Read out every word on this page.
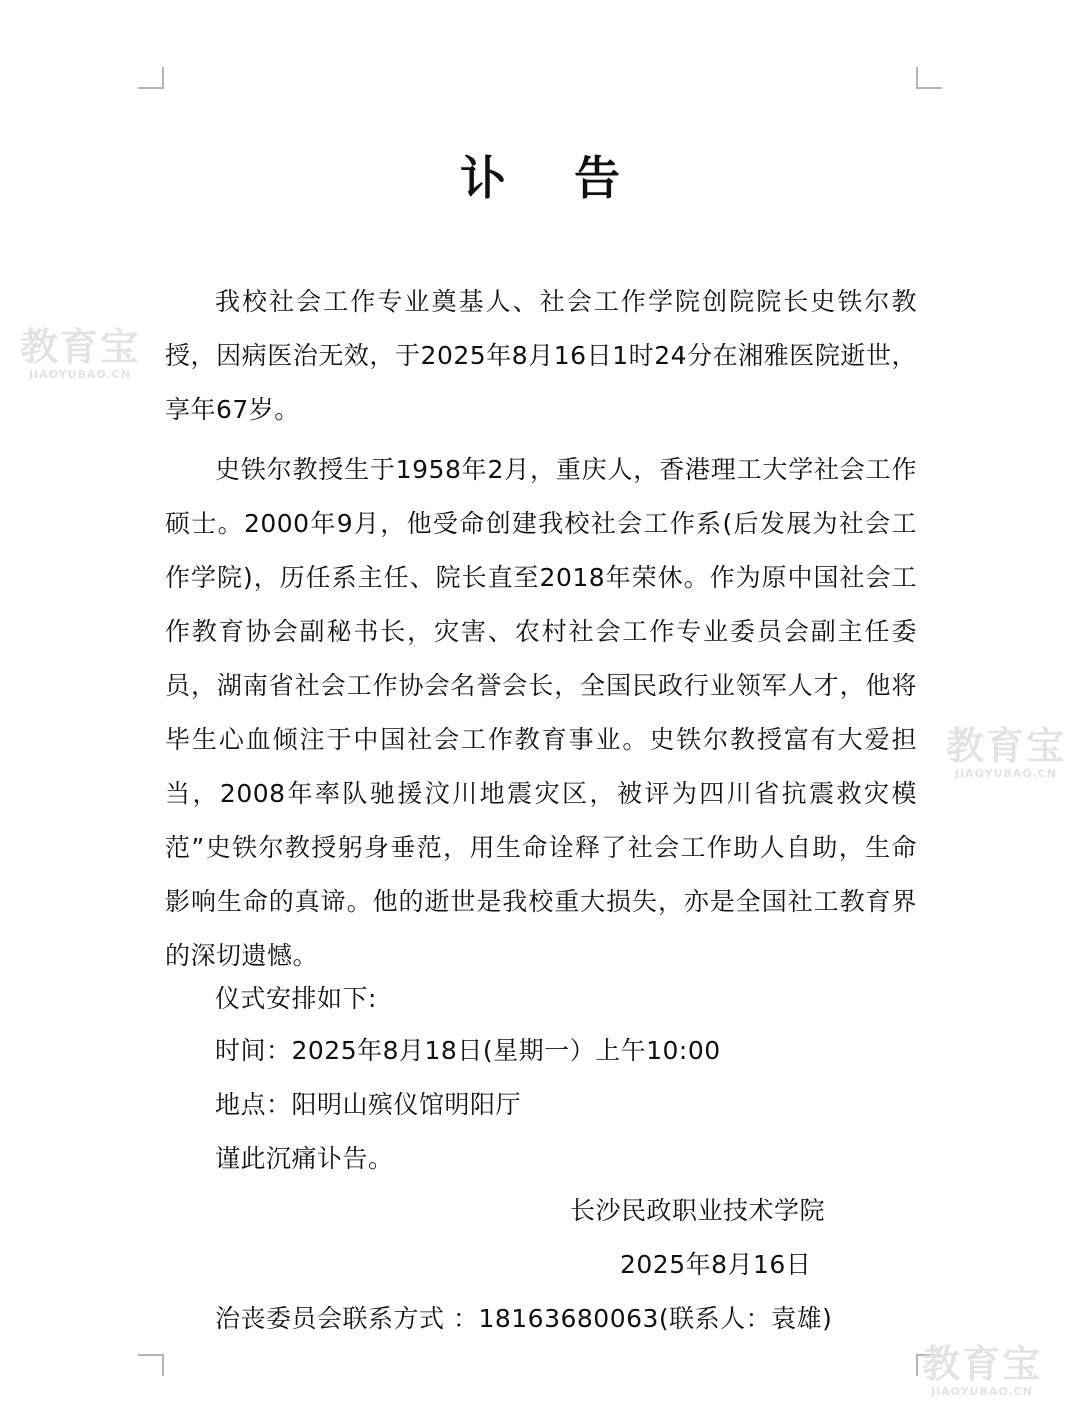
教育宝
JIAOYUBAO.CN
教育宝
JIAOYUBAO.CN
教育宝
JIAOYUBAO.CN
讣 告

我校社会工作专业奠基人、社会工作学院创院院长史铁尔教授，因病医治无效，于2025年8月16日1时24分在湘雅医院逝世，享年67岁。

史铁尔教授生于1958年2月，重庆人，香港理工大学社会工作硕士。2000年9月，他受命创建我校社会工作系(后发展为社会工作学院)，历任系主任、院长直至2018年荣休。作为原中国社会工作教育协会副秘书长，灾害、农村社会工作专业委员会副主任委员，湖南省社会工作协会名誉会长，全国民政行业领军人才，他将毕生心血倾注于中国社会工作教育事业。史铁尔教授富有大爱担当，2008年率队驰援汶川地震灾区，被评为四川省抗震救灾模范”史铁尔教授躬身垂范，用生命诠释了社会工作助人自助，生命影响生命的真谛。他的逝世是我校重大损失，亦是全国社工教育界的深切遗憾。

仪式安排如下:
时间：2025年8月18日(星期一）上午10:00
地点：阳明山殡仪馆明阳厅
谨此沉痛讣告。
长沙民政职业技术学院
2025年8月16日
治丧委员会联系方式 ：18163680063(联系人：袁雄)
